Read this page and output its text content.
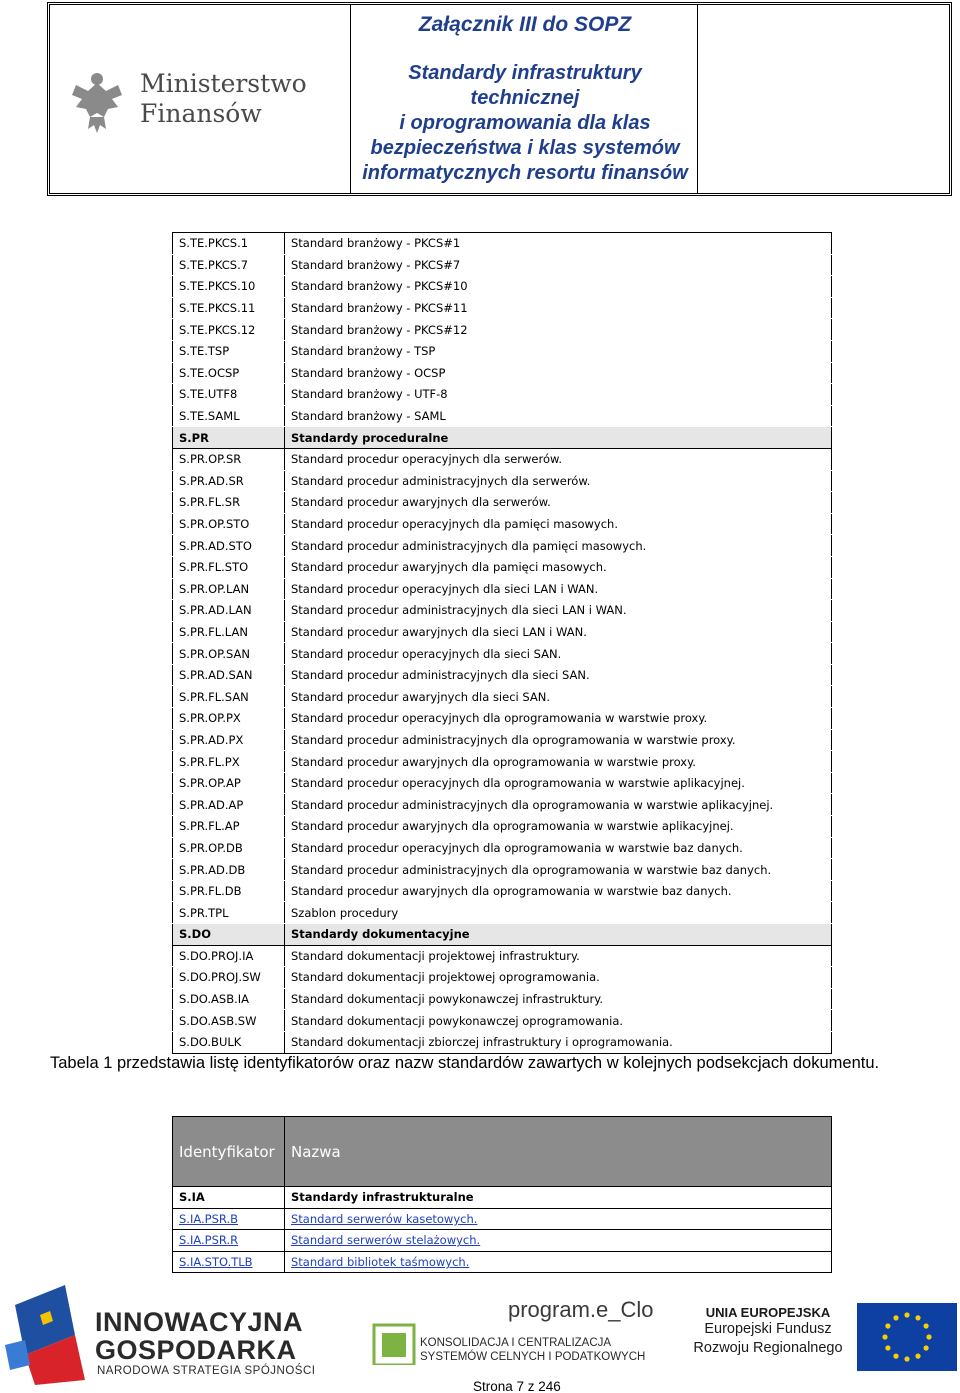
Ministerstwo
Finansów
Załącznik III do SOPZ
Standardy infrastruktury technicznej
i oprogramowania dla klas
bezpieczeństwa i klas systemów
informatycznych resortu finansów
S.TE.PKCS.1	Standard branżowy - PKCS#1
S.TE.PKCS.7	Standard branżowy - PKCS#7
S.TE.PKCS.10	Standard branżowy - PKCS#10
S.TE.PKCS.11	Standard branżowy - PKCS#11
S.TE.PKCS.12	Standard branżowy - PKCS#12
S.TE.TSP	Standard branżowy - TSP
S.TE.OCSP	Standard branżowy - OCSP
S.TE.UTF8	Standard branżowy - UTF-8
S.TE.SAML	Standard branżowy - SAML
S.PR	Standardy proceduralne
S.PR.OP.SR	Standard procedur operacyjnych dla serwerów.
S.PR.AD.SR	Standard procedur administracyjnych dla serwerów.
S.PR.FL.SR	Standard procedur awaryjnych dla serwerów.
S.PR.OP.STO	Standard procedur operacyjnych dla pamięci masowych.
S.PR.AD.STO	Standard procedur administracyjnych dla pamięci masowych.
S.PR.FL.STO	Standard procedur awaryjnych dla pamięci masowych.
S.PR.OP.LAN	Standard procedur operacyjnych dla sieci LAN i WAN.
S.PR.AD.LAN	Standard procedur administracyjnych dla sieci LAN i WAN.
S.PR.FL.LAN	Standard procedur awaryjnych dla sieci LAN i WAN.
S.PR.OP.SAN	Standard procedur operacyjnych dla sieci SAN.
S.PR.AD.SAN	Standard procedur administracyjnych dla sieci SAN.
S.PR.FL.SAN	Standard procedur awaryjnych dla sieci SAN.
S.PR.OP.PX	Standard procedur operacyjnych dla oprogramowania w warstwie proxy.
S.PR.AD.PX	Standard procedur administracyjnych dla oprogramowania w warstwie proxy.
S.PR.FL.PX	Standard procedur awaryjnych dla oprogramowania w warstwie proxy.
S.PR.OP.AP	Standard procedur operacyjnych dla oprogramowania w warstwie aplikacyjnej.
S.PR.AD.AP	Standard procedur administracyjnych dla oprogramowania w warstwie aplikacyjnej.
S.PR.FL.AP	Standard procedur awaryjnych dla oprogramowania w warstwie aplikacyjnej.
S.PR.OP.DB	Standard procedur operacyjnych dla oprogramowania w warstwie baz danych.
S.PR.AD.DB	Standard procedur administracyjnych dla oprogramowania w warstwie baz danych.
S.PR.FL.DB	Standard procedur awaryjnych dla oprogramowania w warstwie baz danych.
S.PR.TPL	Szablon procedury
S.DO	Standardy dokumentacyjne
S.DO.PROJ.IA	Standard dokumentacji projektowej infrastruktury.
S.DO.PROJ.SW	Standard dokumentacji projektowej oprogramowania.
S.DO.ASB.IA	Standard dokumentacji powykonawczej infrastruktury.
S.DO.ASB.SW	Standard dokumentacji powykonawczej oprogramowania.
S.DO.BULK	Standard dokumentacji zbiorczej infrastruktury i oprogramowania.
Tabela 1 przedstawia listę identyfikatorów oraz nazw standardów zawartych w kolejnych podsekcjach dokumentu.
Identyfikator	Nazwa
S.IA	Standardy infrastrukturalne
S.IA.PSR.B	Standard serwerów kasetowych.
S.IA.PSR.R	Standard serwerów stelażowych.
S.IA.STO.TLB	Standard bibliotek taśmowych.
INNOWACYJNA
GOSPODARKA
NARODOWA STRATEGIA SPÓJNOŚCI
program.e_Clo
KONSOLIDACJA I CENTRALIZACJA
SYSTEMÓW CELNYCH I PODATKOWYCH
Strona 7 z 246
UNIA EUROPEJSKA
Europejski Fundusz
Rozwoju Regionalnego
